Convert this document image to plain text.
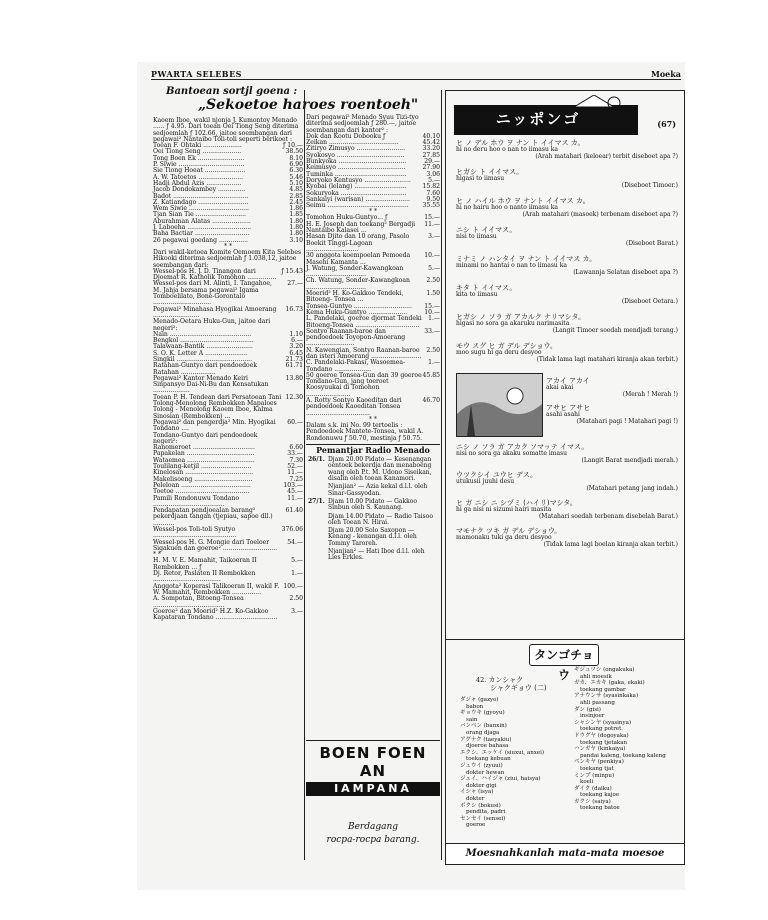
PWARTA SELEBES	Moeka
Bantoean sortjl goena :
„Sekoetoe haroes roentoeh"
Kaoem Iboe, wakil njonja J. Kumontoy Menado ...... ƒ 4.95. Dari toean Oei Tiong Seng diterima sedjoemlah ƒ 102.66, jaitoe soembangan dari pegawai² Nantaibo Toli-toli seperti berikoet :
Toean F. Ohtaki ....................	ƒ 10.—
Oei Tiong Seng ....................	38.50
Tong Boen Ek ........................	8.10
P. Siwie ..................................	6.90
Sie Tiong Hoeat .....................	6.30
A. W. Tatoetos .......................	5.46
Hadji Abdul Azis ..................	5.10
Jacob Dondokambey ..............	4.85
Badot .......................................	2.85
Z. Katiandago ..........................	2.45
Wem Siwie ...............................	1.86
Tjan Sian Tie ..........................	1.85
Aburahman Alatas ....................	1.80
J. Laboeha .................................	1.80
Baha Bactiar ............................	1.80
26 pegawai goedang ...............	3.10
* *
Dari wakil-ketoea Komite Oemoem Kita Selebes Hikooki diterima sedjoemlah ƒ 1.038,12, jaitoe soembangan dari:
Wessel-pos H. J. D. Tinangon dari Djoemat R. Katholik Tomohon ...............	ƒ 15.43
Wessel-pos dari M. Alinti, I. Tangahoe, M. Jahja bersama pegawai² Igama Tomboelilato, Bone-Gorontalo ..............................	27.—
Pegawai² Minahasa Hyogikai Amoerang ........................	16.73
Menado-Oetara Huku-Gun, jaitoe dari negeri²:	
Nain ..........................................	1.10
Bengkol ......................................	6.—
Talawaan-Bantik ........................	3.20
S. O. K. Letter A ......................	6.45
Singkil .......................................	21.73
Ratahan-Guntyo dari pendoedoek Ratahan ..................	61.71
Pegawai² Kantor Menado Keiri Sinpansyo Dai-Ni-Bu dan Kensatukan ...................	13.80
Toean P. H. Tendean dari Persatoean Tani Tolong-Menolong Rembokken Mapaloes Tolong - Menolong Kaoem Iboe, Kalma Sinosian (Rembokken) ...	12.30
Pegawai² dan pengerdja² Min. Hyogikai Tondano ....	60.—
Tondano-Guntyo dari pendoedoek negeri²:	
Ranomeroet ................................	6.60
Papakelan ...................................	33.—
Wataemea ...................................	7.30
Toulilang-ketjil ..........................	52.—
Kinelosan ...................................	11.—
Makelisoeng ..............................	7.25
Peleloan ....................................	103.—
Toetoe ......................................	45.—
Pamili Rondonuwu Tondano .....................................	11.—
Pendapatan pendjoealan barang² pekerdjaan tangan (tjepiau, sapoe dll.) ...........	61.40
Wessel-pos Toli-toli Syutyo ...........................................	376.06
Wessel-pos H. G. Mongie dari Toeloer Sigakuen dan goeroe² ............................	54.—
* *	
H. M. V. E. Mamahit, Taikoeran II Rembokken ... ƒ	5.—
Dj. Retor, Paslaten II Rembokken ...................................	1.—
Anggota² Koperasi Talikoeran II, wakil F. W. Mamahit, Rembokken ...............	100.—
A. Sompotan, Bitoeng-Tonsea .....................................	2.50
Goeroe² dan Moerid² H.Z. Ko-Gakkoo Kapataran Tondano ................................	3.—
Dari pegawai² Menado Syuu Tizi-tyo diterima sedjoemlah ƒ 280.—, jaitoe soembangan dari kantor² :
Dok dan Kootu Dobooku ƒ	40.10
Zeikan ....................................	45.42
Zitiryo Zimusyo .........................	33.20
Syokosyo ...................................	27.85
Bunkyoka ...................................	29.—
Keimusyo ...................................	27.90
Tuminka .....................................	3.06
Doryoko Kentusyo ........................	5.—
Kyobai (lelang) ...........................	15.82
Sokuryoka ..................................	7.60
Sankaiyi (warisan) .......................	9.50
Seimu ..........................................	35.55
* *
Tomohon Huku-Guntyo... ƒ	15.—
H. E. Joseph dan toekang² Bergadji Nantaibo Kalasei ...	11.—
Hasan Djito dan 10 orang, Pasolo Boekit Tinggi-Lagoan ...........................	3.—
30 anggota koempoelan Pemoeda Masehi Kamanta ...	10.—
J. Watung, Sonder-Kawangkoan ...............................	5.—
Ch. Watung, Sonder-Kawangkoan ...............................	2.50
Moerid² H. Ko-Gakkoo Tendeki, Bitoeng- Tonsea ...	1.50
Tonsea-Guntyo ..............................	15.—
Kema Huku-Guntyo ....................	10.—
L. Pandelaki, goeroe djormat Tendeki Bitoeng-Tonsea .................................	1.—
Sontyo Raanan-baroe dan pendoedoek Toyopon-Amoerang .........................	33.—
N. Kawengian, Sontyo Raanan-baroe dan isteri Amoerang ..........................	2.50
C. Pandelaki-Pakasi, Wasoemea-Tondano ...................	1.—
50 goeroe Tonsea-Gun dan 39 goeroe Tondano-Gun, jang toeroet Koosyuukai di Tomohon .......................	45.85
A. Rotty Sontyo Kaoeditan dari pendoedoek Kaoeditan Tonsea .................................	46.70
* *
Dalam s.k. ini No. 99 tertoelis : Pendoedoek Mantete-Tonsea, wakil A. Rondonuwu ƒ 50.70, mestinja ƒ 50.75.
Pemantjar Radio Menado
26/1.	Djam 20.00 Pidato — Kesenangan oentoek bekerdja dan menaboeng wang oleh P.t. M. Udono Siseikan, disalin oleh toean Kanamori.
	Njanjian² — Azia kekal d.l.l. oleh Sinar-Gassyodan.
27/1.	Djam 10.00 Pidato — Gakkoo Sinbun oleh S. Kaunang.
	Djam 14.00 Pidato — Radio Taisoo oleh Toean N. Hirai.
	Djam 20.00 Solo Saxopon — Kenang - kenangan d.l.l. oleh Tommy Taroreh.
	Njanjian² — Hati Iboe d.l.l. oleh Lies Erkles.
BOEN FOEN AN
IAMPANA
Berdagang
rocpa-rocpa barang.
ニッポンゴ	(67)
ヒ ノ デル ホウ ヲ ナン ト イイマス カ。
hi no deru hoo o nan to iimasu ka
(Arah matahari (keloear) terbit diseboet apa ?)
ヒガシ ト イイマス。
higasi to iimasu
(Diseboet Timoer.)
ヒ ノ ハイル ホウ ヲ ナント イイマス カ。
hi no hairu hoo o nanto iimasu ka
(Arah matahari (masoek) terbenam diseboet apa ?)
ニシ ト イイマス。
nisi to iimasu
(Diseboet Barat.)
ミナミ ノ ハンタイ ヲ ナン ト イイマス カ。
minami no hantai o nan to iimasu ka
(Lawannja Selatan diseboet apa ?)
キタ ト イイマス。
kita to iimasu
(Diseboet Oetara.)
ヒガシ ノ ソラ ガ アカルク ナリマシタ。
higasi no sora ga akaruku narimasita
(Langit Timoer soedah mendjadi terang.)
モウ スグ ヒ ガ デル デショウ。
moo sugu hi ga deru desyoo
(Tidak lama lagi matahari kiranja akan terbit.)
アカイ アカイ
akai akai
(Merah ! Merah !)
アサヒ アサヒ
asahi asahi
(Matahari pagi ! Matahari pagi !)
ニシ ノ ソラ ガ アカク ソマッテ イマス。
nisi no sora ga akaku somatte imasu
(Langit Barat mendjadi merah.)
ウツクシイ ユウヒ デス。
utukusii juuhi desu
(Matahari petang jang indah.)
ヒ ガ ニシ ニ シヅミ (ハイリ)マシタ。
hi ga nisi ni sizumi hairi masita
(Matahari soedah terbenam disebelah Barat.)
マモナク ツキ ガ デル デショウ。
mamonaku tuki ga deru desyoo
(Tidak lama lagi boelan kiranja akan terbit.)
タンゴチョウ
42. カンシャク
シャクギョウ (二)
ダジャ (gazyo)
babon
ギョウキ (gyoyu)
sain
バンベン (banxin)
orang djaga
アグナク (taeyakiu)
djoeroe bahasa
エクシ、エッケイ (siuxui, anxei)
toekang kebuan
ジュウイ (zyuui)
dokter hewan
ジュイ、ハイジャ (ziui, haisya)
dokter gigi
イシャ (isya)
dokter
ボクシ (bokusi)
pendita, padri
センセイ (sensei)
goeroe
ギジュツシ (ongakuka)
ahli moesik
ガカ、エカキ (gaka, ekaki)
toekang gambar
アナウンサ (syasinkaka)
ahli passang
ダン (gisi)
insinjoer
シャシンヤ (syasinya)
toekang potret
ドウグヤ (dogoyaka)
toekang tjetakan
ハンガヤ (kinkaiya)
pandai kaleng, toekang kaleng
ペンキヤ (penkiya)
toekang tjat
ミンプ (minpu)
koeli
ダイク (daiku)
toekang kajoe
ガクシ (saiya)
toekang batoe
Moesnahkanlah mata-mata moesoe
